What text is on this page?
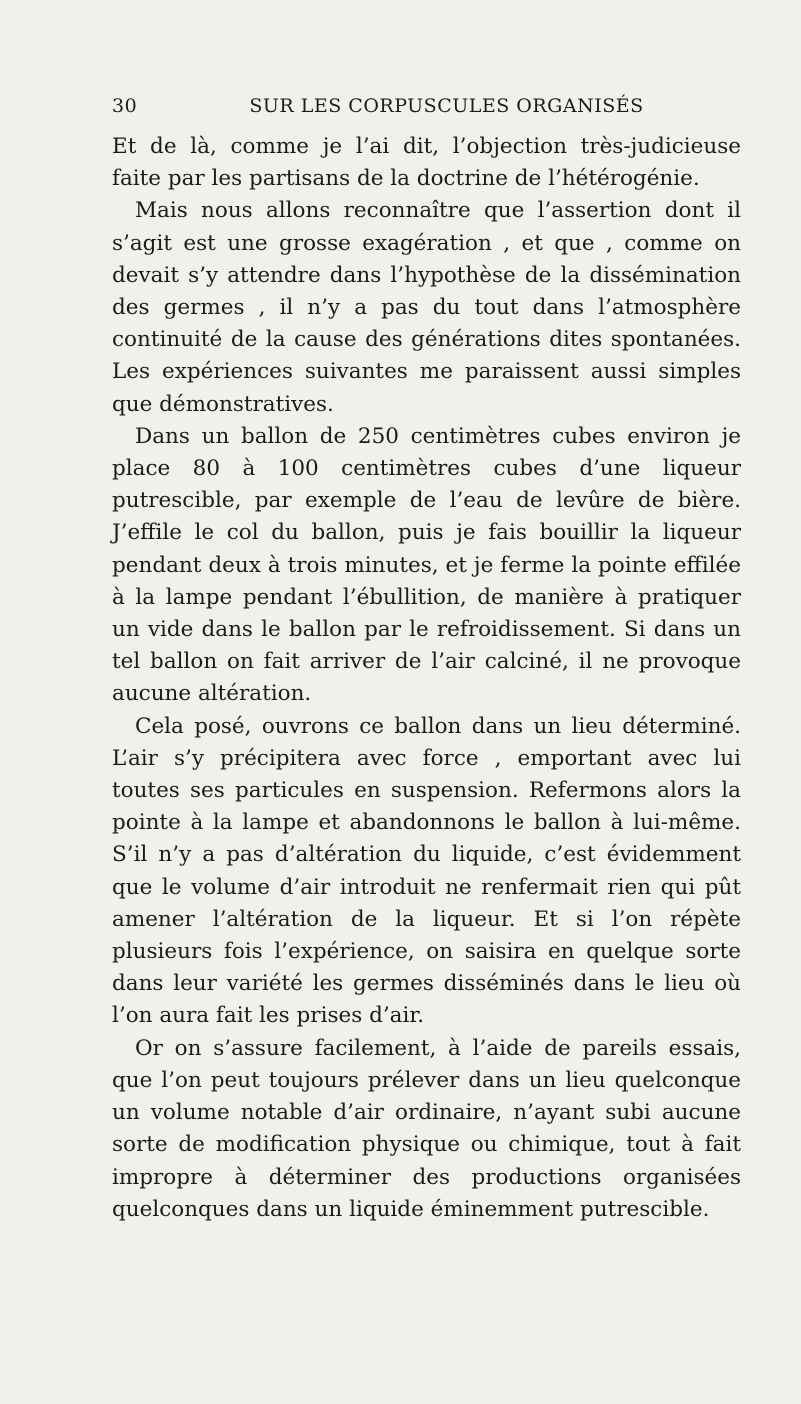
30	SUR LES CORPUSCULES ORGANISÉS

Et de là, comme je l’ai dit, l’objection très-judicieuse faite par les partisans de la doctrine de l’hétérogénie.

Mais nous allons reconnaître que l’assertion dont il s’agit est une grosse exagération , et que , comme on devait s’y attendre dans l’hypothèse de la dissémination des germes , il n’y a pas du tout dans l’atmosphère continuité de la cause des générations dites spontanées. Les expériences suivantes me paraissent aussi simples que démonstratives.

Dans un ballon de 250 centimètres cubes environ je place 80 à 100 centimètres cubes d’une liqueur putrescible, par exemple de l’eau de levûre de bière. J’effile le col du ballon, puis je fais bouillir la liqueur pendant deux à trois minutes, et je ferme la pointe effilée à la lampe pendant l’ébullition, de manière à pratiquer un vide dans le ballon par le refroidissement. Si dans un tel ballon on fait arriver de l’air calciné, il ne provoque aucune altération.

Cela posé, ouvrons ce ballon dans un lieu déterminé. L’air s’y précipitera avec force , emportant avec lui toutes ses particules en suspension. Refermons alors la pointe à la lampe et abandonnons le ballon à lui-même. S’il n’y a pas d’altération du liquide, c’est évidemment que le volume d’air introduit ne renfermait rien qui pût amener l’altération de la liqueur. Et si l’on répète plusieurs fois l’expérience, on saisira en quelque sorte dans leur variété les germes disséminés dans le lieu où l’on aura fait les prises d’air.

Or on s’assure facilement, à l’aide de pareils essais, que l’on peut toujours prélever dans un lieu quelconque un volume notable d’air ordinaire, n’ayant subi aucune sorte de modification physique ou chimique, tout à fait impropre à déterminer des productions organisées quelconques dans un liquide éminemment putrescible.
